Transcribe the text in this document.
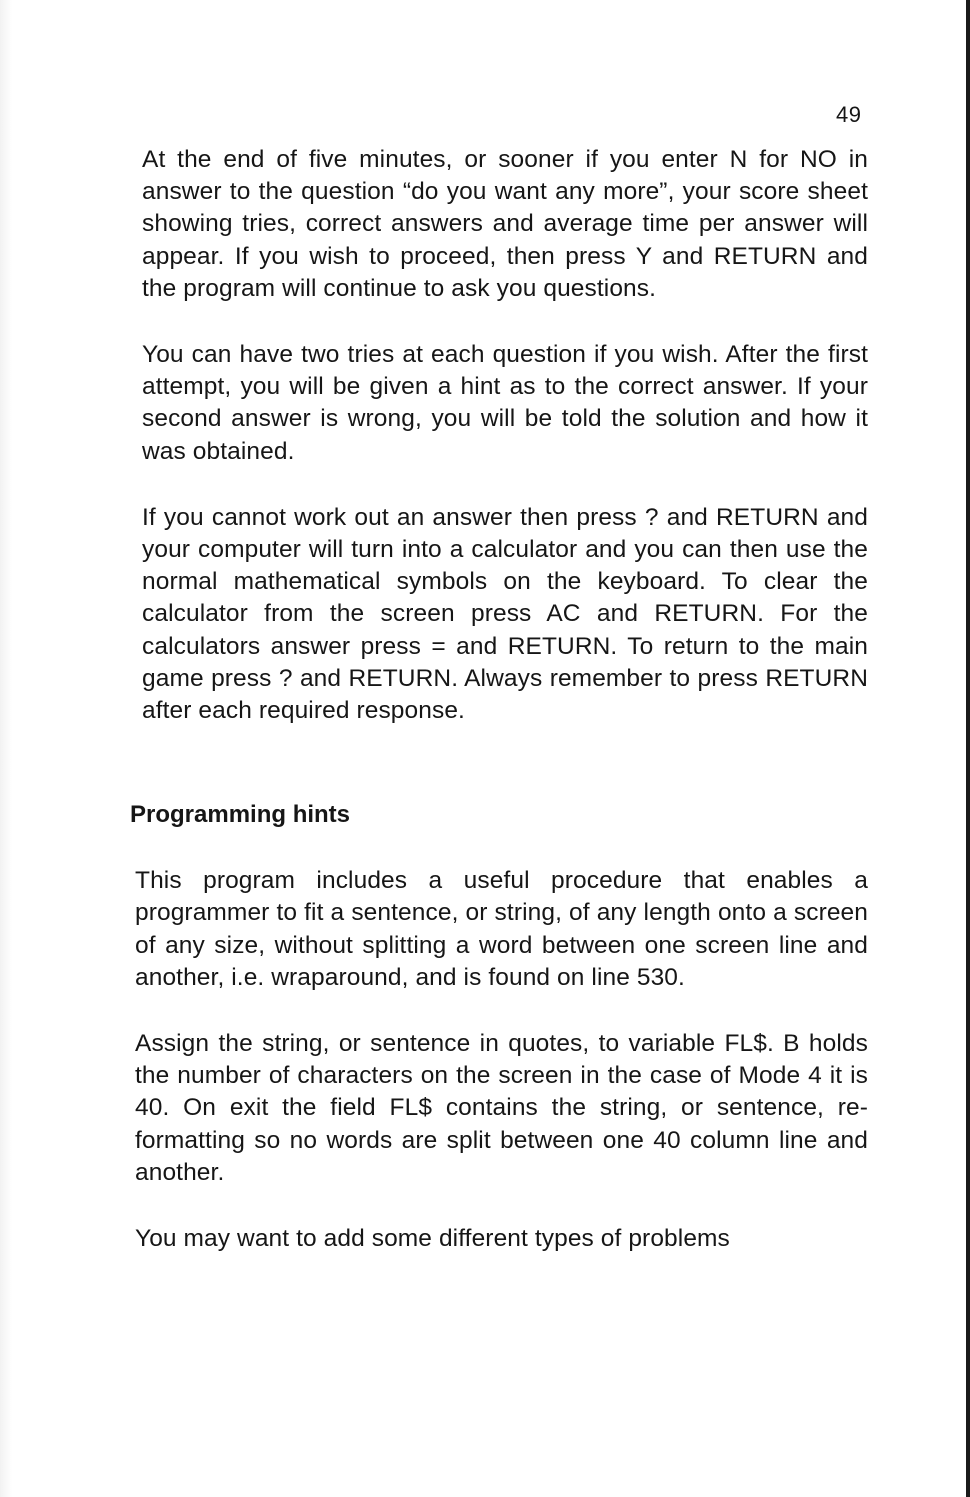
49

At the end of five minutes, or sooner if you enter N for NO in answer to the question “do you want any more”, your score sheet showing tries, correct answers and average time per answer will appear. If you wish to proceed, then press Y and RETURN and the program will continue to ask you questions.

You can have two tries at each question if you wish. After the first attempt, you will be given a hint as to the correct answer. If your second answer is wrong, you will be told the solution and how it was obtained.

If you cannot work out an answer then press ? and RETURN and your computer will turn into a calculator and you can then use the normal mathematical symbols on the keyboard. To clear the calculator from the screen press AC and RETURN. For the calculators answer press = and RETURN. To return to the main game press ? and RETURN. Always remember to press RETURN after each required response.

Programming hints

This program includes a useful procedure that enables a programmer to fit a sentence, or string, of any length onto a screen of any size, without splitting a word between one screen line and another, i.e. wraparound, and is found on line 530.

Assign the string, or sentence in quotes, to variable FL$. B holds the number of characters on the screen in the case of Mode 4 it is 40. On exit the field FL$ contains the string, or sentence, re-formatting so no words are split between one 40 column line and another.

You may want to add some different types of problems
